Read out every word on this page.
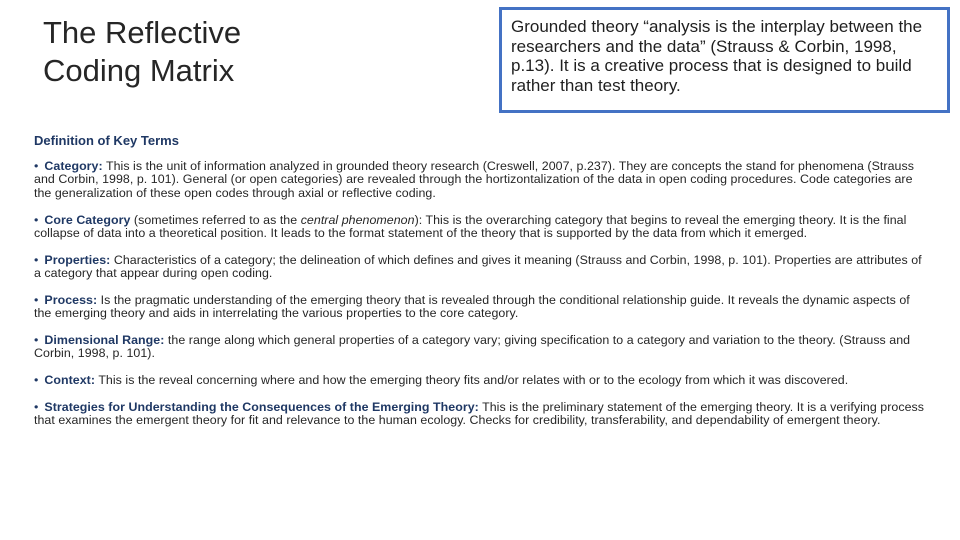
The Reflective
Coding Matrix
Grounded theory “analysis is the interplay between the researchers and the data” (Strauss & Corbin, 1998, p.13). It is a creative process that is designed to build rather than test theory.
Definition of Key Terms
• Category: This is the unit of information analyzed in grounded theory research (Creswell, 2007, p.237). They are concepts the stand for phenomena (Strauss and Corbin, 1998, p. 101). General (or open categories) are revealed through the hortizontalization of the data in open coding procedures. Code categories are the generalization of these open codes through axial or reflective coding.
• Core Category (sometimes referred to as the central phenomenon): This is the overarching category that begins to reveal the emerging theory. It is the final collapse of data into a theoretical position. It leads to the format statement of the theory that is supported by the data from which it emerged.
• Properties: Characteristics of a category; the delineation of which defines and gives it meaning (Strauss and Corbin, 1998, p. 101). Properties are attributes of a category that appear during open coding.
• Process: Is the pragmatic understanding of the emerging theory that is revealed through the conditional relationship guide. It reveals the dynamic aspects of the emerging theory and aids in interrelating the various properties to the core category.
• Dimensional Range: the range along which general properties of a category vary; giving specification to a category and variation to the theory. (Strauss and Corbin, 1998, p. 101).
• Context: This is the reveal concerning where and how the emerging theory fits and/or relates with or to the ecology from which it was discovered.
• Strategies for Understanding the Consequences of the Emerging Theory: This is the preliminary statement of the emerging theory. It is a verifying process that examines the emergent theory for fit and relevance to the human ecology. Checks for credibility, transferability, and dependability of emergent theory.
